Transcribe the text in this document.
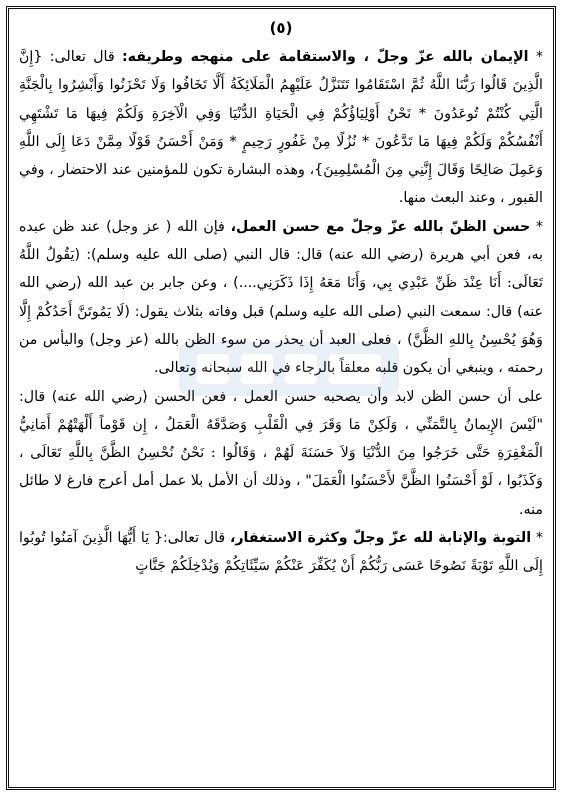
(٥)

* الإيمان بالله عزّ وجلّ ، والاستقامة على منهجه وطريقه: قال تعالى: {إِنَّ الَّذِينَ قَالُوا رَبُّنَا اللَّهُ ثُمَّ اسْتَقَامُوا تَتَنَزَّلُ عَلَيْهِمُ الْمَلَائِكَةُ أَلَّا تَخَافُوا وَلَا تَحْزَنُوا وَأَبْشِرُوا بِالْجَنَّةِ الَّتِي كُنْتُمْ تُوعَدُونَ * نَحْنُ أَوْلِيَاؤُكُمْ فِي الْحَيَاةِ الدُّنْيَا وَفِي الْآخِرَةِ وَلَكُمْ فِيهَا مَا تَشْتَهِي أَنْفُسُكُمْ وَلَكُمْ فِيهَا مَا تَدَّعُونَ * نُزُلًا مِنْ غَفُورٍ رَحِيمٍ * وَمَنْ أَحْسَنُ قَوْلًا مِمَّنْ دَعَا إِلَى اللَّهِ وَعَمِلَ صَالِحًا وَقَالَ إِنَّنِي مِنَ الْمُسْلِمِينَ}، وهذه البشارة تكون للمؤمنين عند الاحتضار ، وفي القبور ، وعند البعث منها.

* حسن الظنّ بالله عزّ وجلّ مع حسن العمل، فإن الله ( عز وجل) عند ظن عبده به، فعن أبي هريرة (رضي الله عنه) قال: قال النبي (صلى الله عليه وسلم): (يَقُولُ اللَّهُ تَعَالَى: أَنَا عِنْدَ ظَنِّ عَبْدِي بِي، وَأَنَا مَعَهُ إِذَا ذَكَرَنِي....) ، وعن جابر بن عبد الله (رضي الله عنه) قال: سمعت النبي (صلى الله عليه وسلم) قبل وفاته بثلاث يقول: (لَا يَمُوتَنَّ أَحَدُكُمْ إِلَّا وَهُوَ يُحْسِنُ بِاللهِ الظَّنَّ) ، فعلى العبد أن يحذر من سوء الظن بالله (عز وجل) واليأس من رحمته ، وينبغي أن يكون قلبه معلقاً بالرجاء في الله سبحانه وتعالى.

على أن حسن الظن لابد وأن يصحبه حسن العمل ، فعن الحسن (رضي الله عنه) قال: "لَيْسَ الإِيمانُ بِالتَّمَنِّي ، وَلَكِنْ مَا وَقَرَ فِي الْقَلْبِ وَصَدَّقَهُ الْعَمَلُ ، إِن قَوْماً أَلْهَتْهُمْ أَمَانِيُّ الْمَغْفِرَةِ حَتَّى خَرَجُوا مِنَ الدُّنْيَا وَلاَ حَسَنَةَ لَهُمْ ، وَقَالُوا : نَحْنُ نُحْسِنُ الظَّنَّ بِاللَّهِ تَعَالَى ، وَكَذَبُوا ، لَوْ أَحْسَنُوا الظَّنَّ لأَحْسَنُوا الْعَمَلَ" ، وذلك أن الأمل بلا عمل أمل أعرج فارغ لا طائل منه.

* التوبة والإنابة لله عزّ وجلّ وكثرة الاستغفار، قال تعالى:{ يَا أَيُّهَا الَّذِينَ آمَنُوا تُوبُوا إِلَى اللَّهِ تَوْبَةً نَصُوحًا عَسَى رَبُّكُمْ أَنْ يُكَفِّرَ عَنْكُمْ سَيِّئَاتِكُمْ وَيُدْخِلَكُمْ جَنَّاتٍ
